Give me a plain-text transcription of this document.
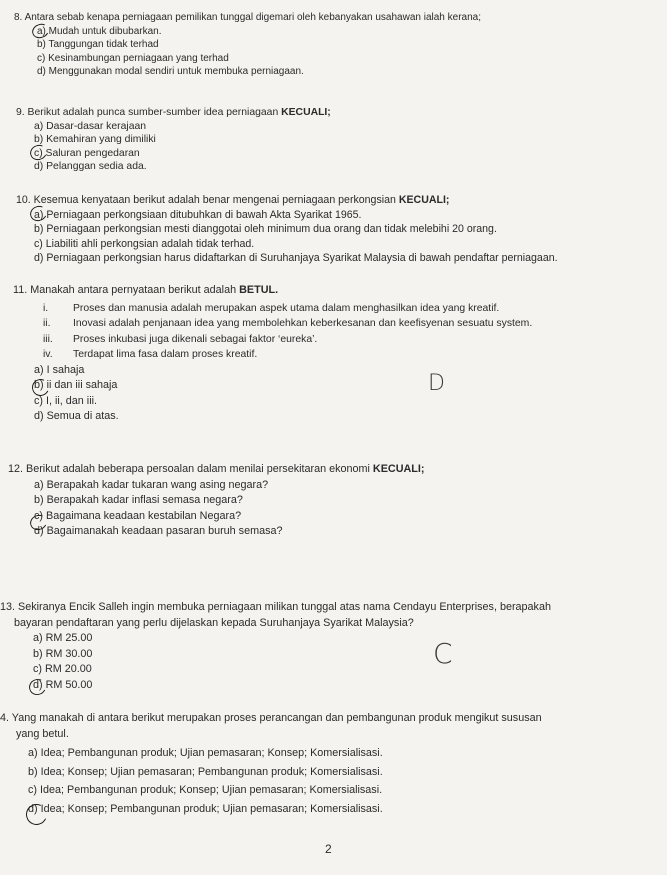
8. Antara sebab kenapa perniagaan pemilikan tunggal digemari oleh kebanyakan usahawan ialah kerana;
a) Mudah untuk dibubarkan.
b) Tanggungan tidak terhad
c) Kesinambungan perniagaan yang terhad
d) Menggunakan modal sendiri untuk membuka perniagaan.
9. Berikut adalah punca sumber-sumber idea perniagaan KECUALI;
a) Dasar-dasar kerajaan
b) Kemahiran yang dimiliki
c) Saluran pengedaran
d) Pelanggan sedia ada.
10. Kesemua kenyataan berikut adalah benar mengenai perniagaan perkongsian KECUALI;
a) Perniagaan perkongsiaan ditubuhkan di bawah Akta Syarikat 1965.
b) Perniagaan perkongsian mesti dianggotai oleh minimum dua orang dan tidak melebihi 20 orang.
c) Liabiliti ahli perkongsian adalah tidak terhad.
d) Perniagaan perkongsian harus didaftarkan di Suruhanjaya Syarikat Malaysia di bawah pendaftar perniagaan.
11. Manakah antara pernyataan berikut adalah BETUL.
i. Proses dan manusia adalah merupakan aspek utama dalam menghasilkan idea yang kreatif.
ii. Inovasi adalah penjanaan idea yang membolehkan keberkesanan dan keefisyenan sesuatu system.
iii. Proses inkubasi juga dikenali sebagai faktor ‘eureka’.
iv. Terdapat lima fasa dalam proses kreatif.
a) I sahaja
b) ii dan iii sahaja
c) I, ii, dan iii.
d) Semua di atas.
D
12. Berikut adalah beberapa persoalan dalam menilai persekitaran ekonomi KECUALI;
a) Berapakah kadar tukaran wang asing negara?
b) Berapakah kadar inflasi semasa negara?
c) Bagaimana keadaan kestabilan Negara?
d) Bagaimanakah keadaan pasaran buruh semasa?
13. Sekiranya Encik Salleh ingin membuka perniagaan milikan tunggal atas nama Cendayu Enterprises, berapakah
bayaran pendaftaran yang perlu dijelaskan kepada Suruhanjaya Syarikat Malaysia?
a) RM 25.00
b) RM 30.00
c) RM 20.00
d) RM 50.00
C
4. Yang manakah di antara berikut merupakan proses perancangan dan pembangunan produk mengikut sususan
yang betul.
a) Idea; Pembangunan produk; Ujian pemasaran; Konsep; Komersialisasi.
b) Idea; Konsep; Ujian pemasaran; Pembangunan produk; Komersialisasi.
c) Idea; Pembangunan produk; Konsep; Ujian pemasaran; Komersialisasi.
d) Idea; Konsep; Pembangunan produk; Ujian pemasaran; Komersialisasi.
2
